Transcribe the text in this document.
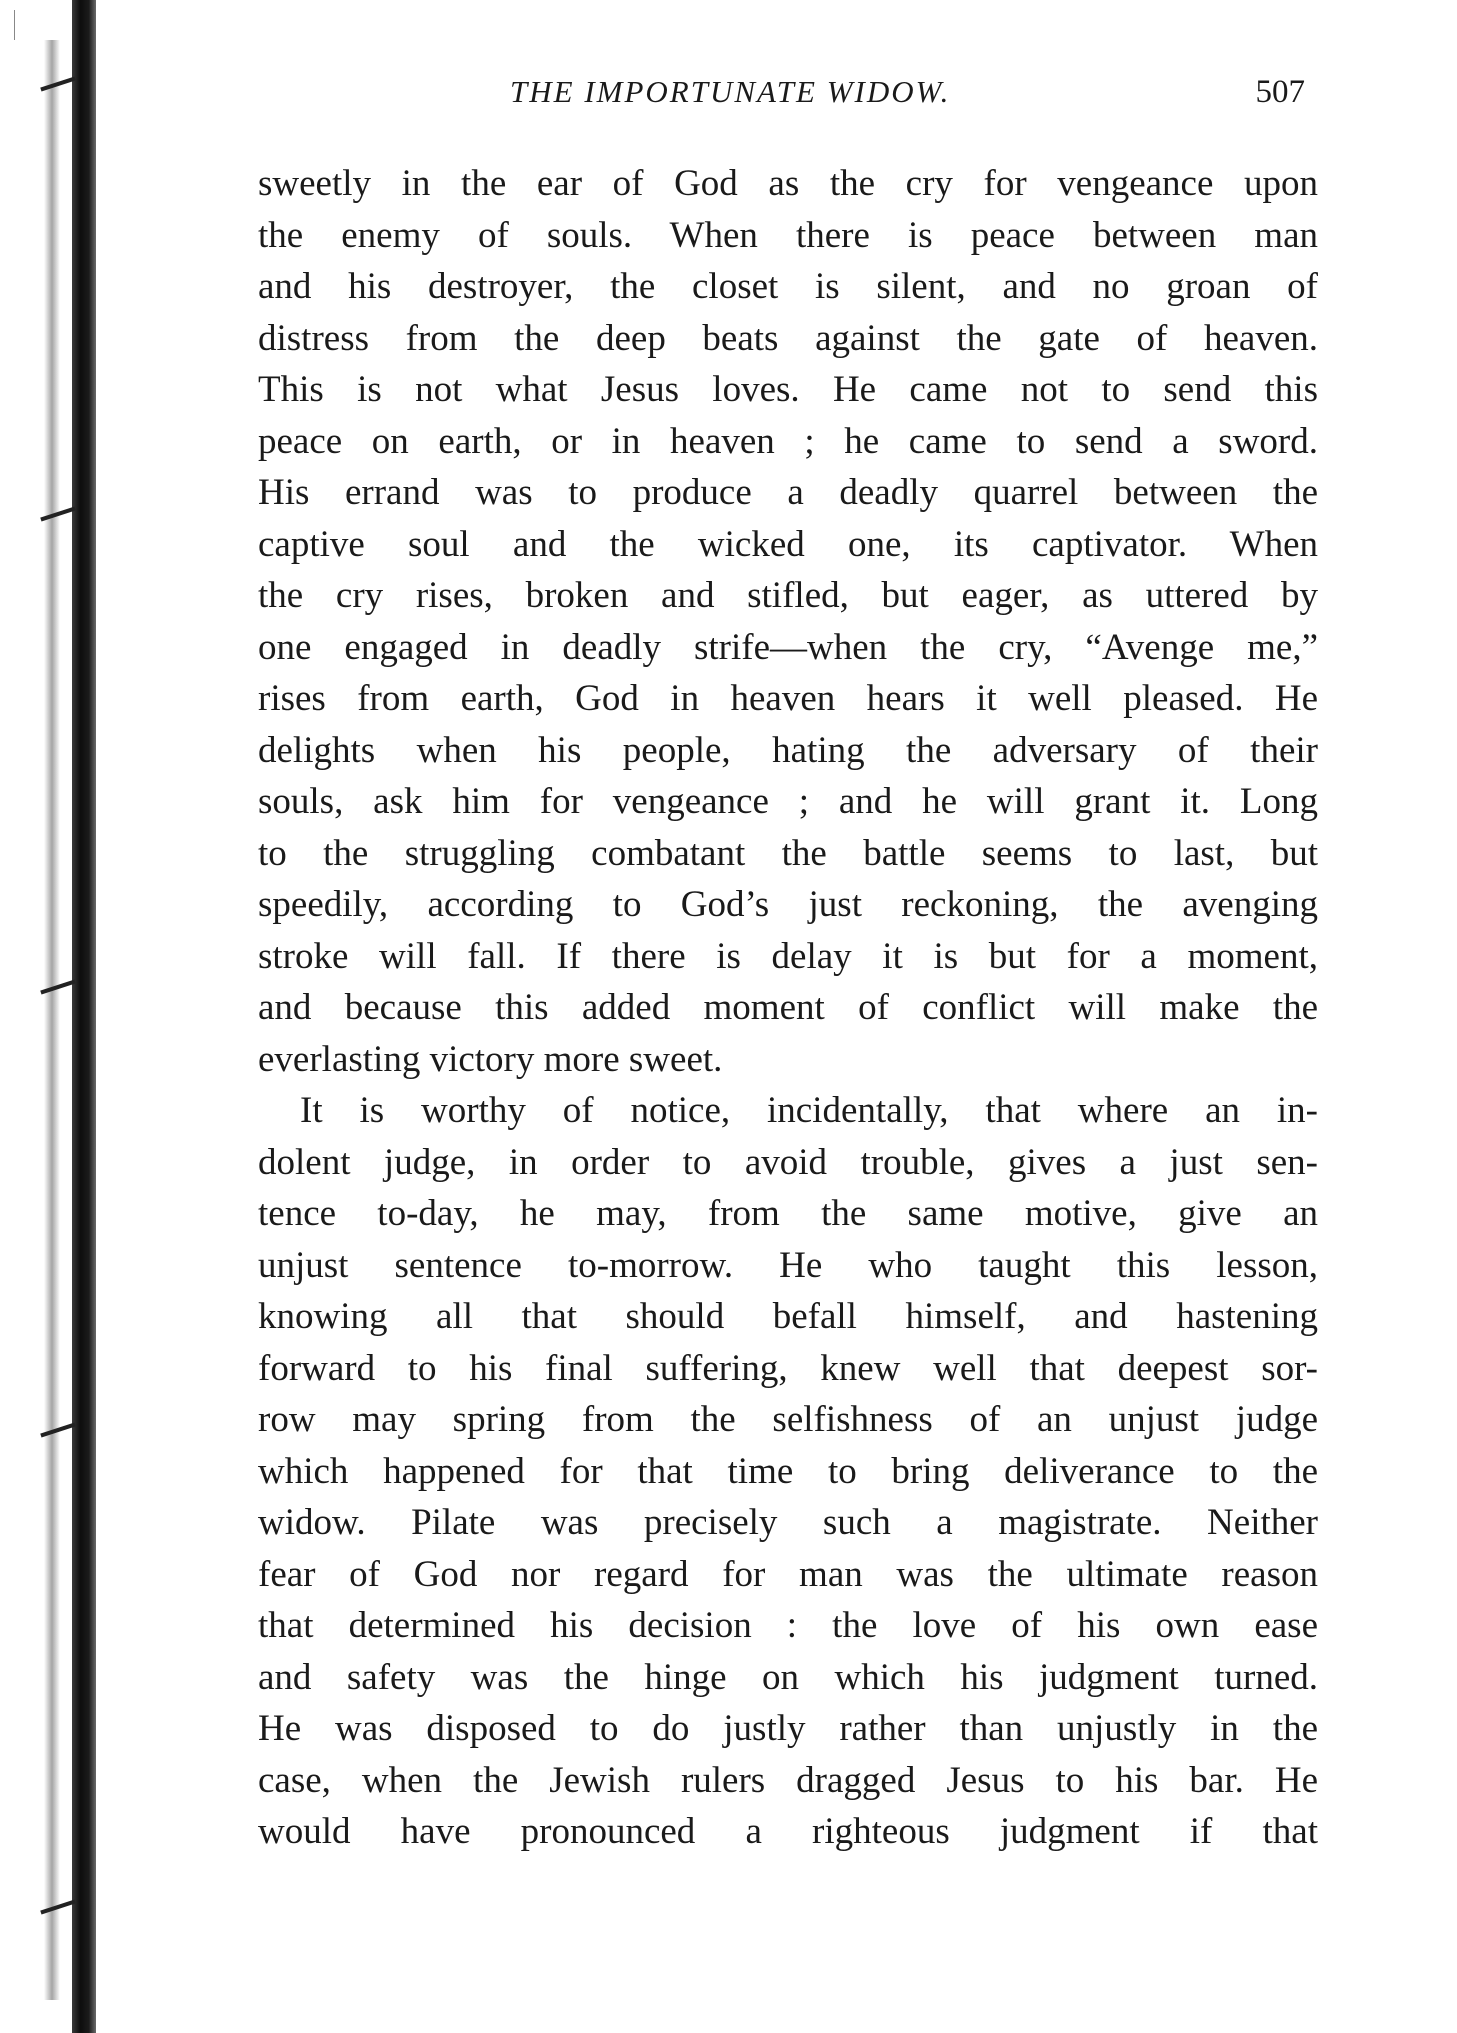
THE IMPORTUNATE WIDOW.	507
sweetly in the ear of God as the cry for vengeance upon
the enemy of souls. When there is peace between man
and his destroyer, the closet is silent, and no groan of
distress from the deep beats against the gate of heaven.
This is not what Jesus loves. He came not to send this
peace on earth, or in heaven ; he came to send a sword.
His errand was to produce a deadly quarrel between the
captive soul and the wicked one, its captivator. When
the cry rises, broken and stifled, but eager, as uttered by
one engaged in deadly strife—when the cry, “Avenge me,”
rises from earth, God in heaven hears it well pleased. He
delights when his people, hating the adversary of their
souls, ask him for vengeance ; and he will grant it. Long
to the struggling combatant the battle seems to last, but
speedily, according to God’s just reckoning, the avenging
stroke will fall. If there is delay it is but for a moment,
and because this added moment of conflict will make the
everlasting victory more sweet.
It is worthy of notice, incidentally, that where an in-
dolent judge, in order to avoid trouble, gives a just sen-
tence to-day, he may, from the same motive, give an
unjust sentence to-morrow. He who taught this lesson,
knowing all that should befall himself, and hastening
forward to his final suffering, knew well that deepest sor-
row may spring from the selfishness of an unjust judge
which happened for that time to bring deliverance to the
widow. Pilate was precisely such a magistrate. Neither
fear of God nor regard for man was the ultimate reason
that determined his decision : the love of his own ease
and safety was the hinge on which his judgment turned.
He was disposed to do justly rather than unjustly in the
case, when the Jewish rulers dragged Jesus to his bar. He
would have pronounced a righteous judgment if that
